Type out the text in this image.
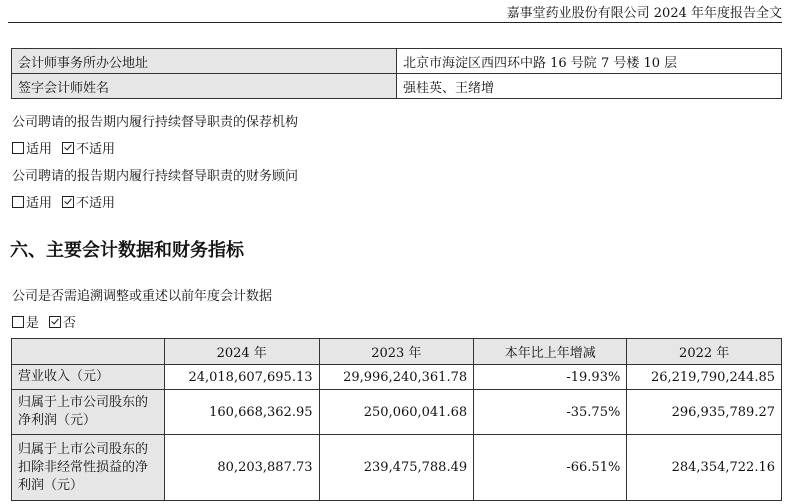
嘉事堂药业股份有限公司 2024 年年度报告全文
会计师事务所办公地址	北京市海淀区西四环中路 16 号院 7 号楼 10 层
签字会计师姓名	强桂英、王绪增
公司聘请的报告期内履行持续督导职责的保荐机构
适用 不适用
公司聘请的报告期内履行持续督导职责的财务顾问
适用 不适用
六、主要会计数据和财务指标
公司是否需追溯调整或重述以前年度会计数据
是 否
	2024 年	2023 年	本年比上年增减	2022 年
营业收入（元）	24,018,607,695.13	29,996,240,361.78	-19.93%	26,219,790,244.85
归属于上市公司股东的净利润（元）	160,668,362.95	250,060,041.68	-35.75%	296,935,789.27
归属于上市公司股东的扣除非经常性损益的净利润（元）	80,203,887.73	239,475,788.49	-66.51%	284,354,722.16
